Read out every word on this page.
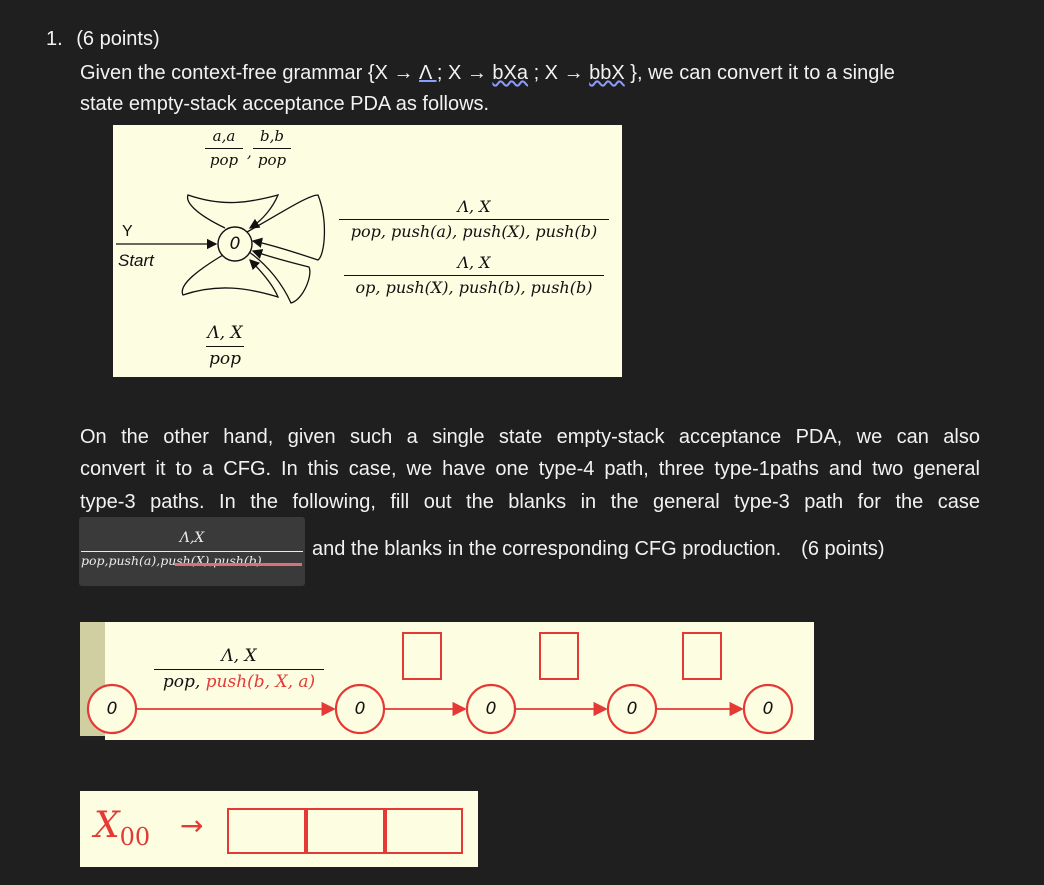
1. (6 points)
Given the context-free grammar {X → Λ ; X → bXa ; X → bbX }, we can convert it to a single
state empty-stack acceptance PDA as follows.
0
Y
Start
a,a
pop ,
b,b
pop
Λ, X
pop
Λ, X
pop, push(a), push(X), push(b)
Λ, X
op, push(X), push(b), push(b)
On the other hand, given such a single state empty-stack acceptance PDA, we can also
convert it to a CFG. In this case, we have one type-4 path, three type-1paths and two general
type-3 paths. In the following, fill out the blanks in the general type-3 path for the case
Λ,X
pop,push(a),push(X),push(b)
and the blanks in the corresponding CFG production. (6 points)
0	0	0	0	0
Λ, X
pop, push(b, X, a)
$X_{00}$ →
